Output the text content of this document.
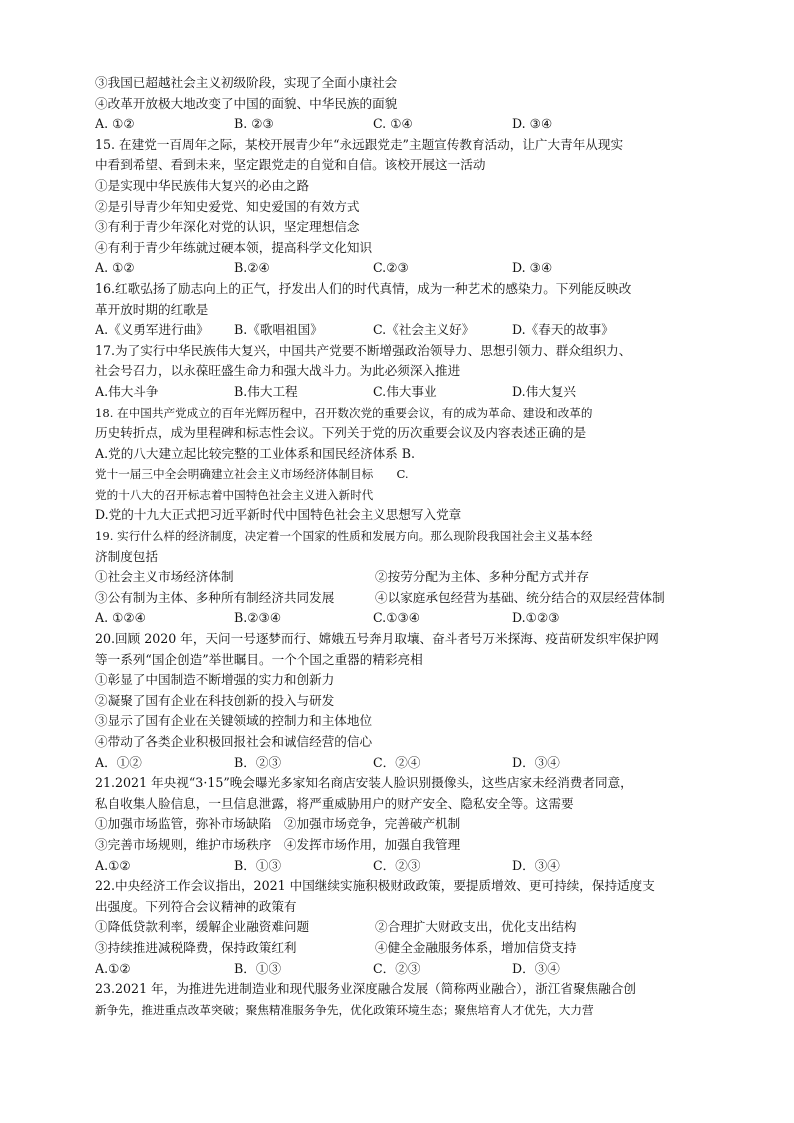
③我国已超越社会主义初级阶段，实现了全面小康社会
④改革开放极大地改变了中国的面貌、中华民族的面貌
A. ①②	B. ②③	C. ①④	D. ③④
15. 在建党一百周年之际，某校开展青少年“永远跟党走”主题宣传教育活动，让广大青年从现实
中看到希望、看到未来，坚定跟党走的自觉和自信。该校开展这一活动
①是实现中华民族伟大复兴的必由之路
②是引导青少年知史爱党、知史爱国的有效方式
③有利于青少年深化对党的认识，坚定理想信念
④有利于青少年练就过硬本领，提高科学文化知识
A. ①②	B.②④	C.②③	D. ③④
16.红歌弘扬了励志向上的正气，抒发出人们的时代真情，成为一种艺术的感染力。下列能反映改
革开放时期的红歌是
A.《义勇军进行曲》	B.《歌唱祖国》	C.《社会主义好》	D.《春天的故事》
17.为了实行中华民族伟大复兴，中国共产党要不断增强政治领导力、思想引领力、群众组织力、
社会号召力，以永葆旺盛生命力和强大战斗力。为此必须深入推进
A.伟大斗争	B.伟大工程	C.伟大事业	D.伟大复兴
18. 在中国共产党成立的百年光辉历程中，召开数次党的重要会议，有的成为革命、建设和改革的
历史转折点，成为里程碑和标志性会议。下列关于党的历次重要会议及内容表述正确的是
A.党的八大建立起比较完整的工业体系和国民经济体系 B.
党十一届三中全会明确建立社会主义市场经济体制目标　　C.
党的十八大的召开标志着中国特色社会主义进入新时代
D.党的十九大正式把习近平新时代中国特色社会主义思想写入党章
19. 实行什么样的经济制度，决定着一个国家的性质和发展方向。那么现阶段我国社会主义基本经
济制度包括
①社会主义市场经济体制	②按劳分配为主体、多种分配方式并存
③公有制为主体、多种所有制经济共同发展	④以家庭承包经营为基础、统分结合的双层经营体制
A. ①②④	B.②③④	C.①③④	D.①②③
20.回顾 2020 年，天问一号逐梦而行、嫦娥五号奔月取壤、奋斗者号万米探海、疫苗研发织牢保护网
等一系列“国企创造”举世瞩目。一个个国之重器的精彩亮相
①彰显了中国制造不断增强的实力和创新力
②凝聚了国有企业在科技创新的投入与研发
③显示了国有企业在关键领域的控制力和主体地位
④带动了各类企业积极回报社会和诚信经营的信心
A．①②	B．②③	C．②④	D．③④
21.2021 年央视“3·15”晚会曝光多家知名商店安装人脸识别摄像头，这些店家未经消费者同意，
私自收集人脸信息，一旦信息泄露，将严重威胁用户的财产安全、隐私安全等。这需要
①加强市场监管，弥补市场缺陷　②加强市场竞争，完善破产机制
③完善市场规则，维护市场秩序　④发挥市场作用，加强自我管理
A.①②	B．①③	C．②③	D．③④
22.中央经济工作会议指出，2021 中国继续实施积极财政政策，要提质增效、更可持续，保持适度支
出强度。下列符合会议精神的政策有
①降低贷款利率，缓解企业融资难问题	②合理扩大财政支出，优化支出结构
③持续推进减税降费，保持政策红利	④健全金融服务体系，增加信贷支持
A.①②	B．①③	C．②③	D．③④
23.2021 年，为推进先进制造业和现代服务业深度融合发展（简称两业融合），浙江省聚焦融合创
新争先，推进重点改革突破；聚焦精准服务争先，优化政策环境生态；聚焦培育人才优先，大力营
